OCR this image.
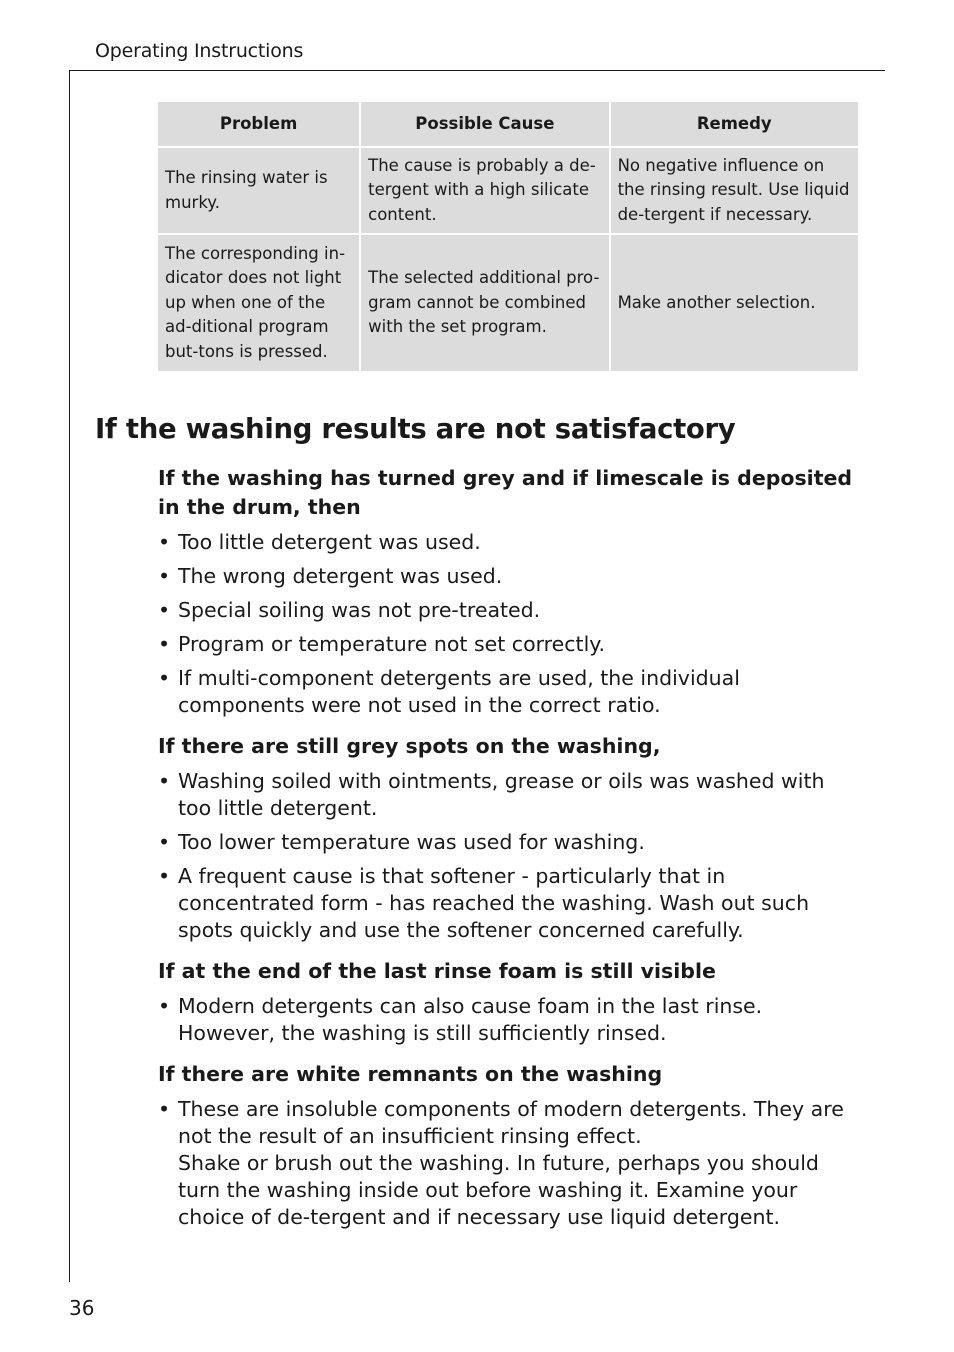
Operating Instructions
Problem	Possible Cause	Remedy
The rinsing water is murky.	The cause is probably a de-tergent with a high silicate content.	No negative influence on the rinsing result. Use liquid de-tergent if necessary.
The corresponding in-dicator does not light up when one of the ad-ditional program but-tons is pressed.	The selected additional pro-gram cannot be combined with the set program.	Make another selection.
If the washing results are not satisfactory

If the washing has turned grey and if limescale is deposited in the drum, then

• Too little detergent was used.
• The wrong detergent was used.
• Special soiling was not pre-treated.
• Program or temperature not set correctly.
• If multi-component detergents are used, the individual components were not used in the correct ratio.

If there are still grey spots on the washing,

• Washing soiled with ointments, grease or oils was washed with too little detergent.
• Too lower temperature was used for washing.
• A frequent cause is that softener - particularly that in concentrated form - has reached the washing. Wash out such spots quickly and use the softener concerned carefully.

If at the end of the last rinse foam is still visible

• Modern detergents can also cause foam in the last rinse. However, the washing is still sufficiently rinsed.

If there are white remnants on the washing

• These are insoluble components of modern detergents. They are not the result of an insufficient rinsing effect.
Shake or brush out the washing. In future, perhaps you should turn the washing inside out before washing it. Examine your choice of de-tergent and if necessary use liquid detergent.
36
